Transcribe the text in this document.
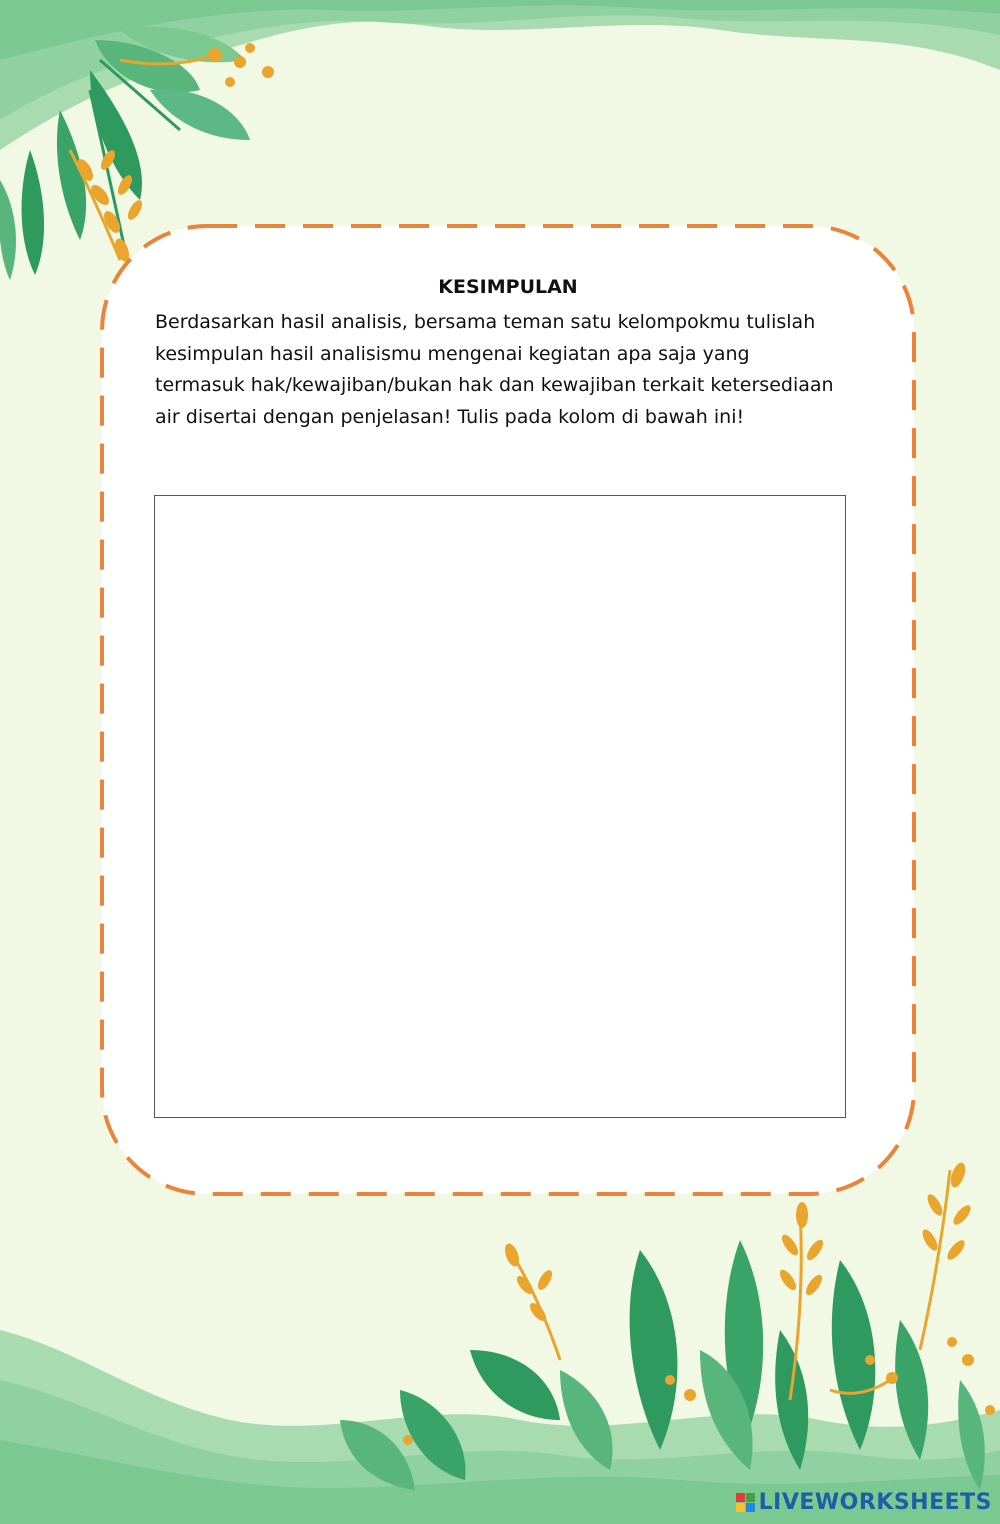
KESIMPULAN
Berdasarkan hasil analisis, bersama teman satu kelompokmu tulislah kesimpulan hasil analisismu mengenai kegiatan apa saja yang termasuk hak/kewajiban/bukan hak dan kewajiban terkait ketersediaan air disertai dengan penjelasan! Tulis pada kolom di bawah ini!
LIVEWORKSHEETS
